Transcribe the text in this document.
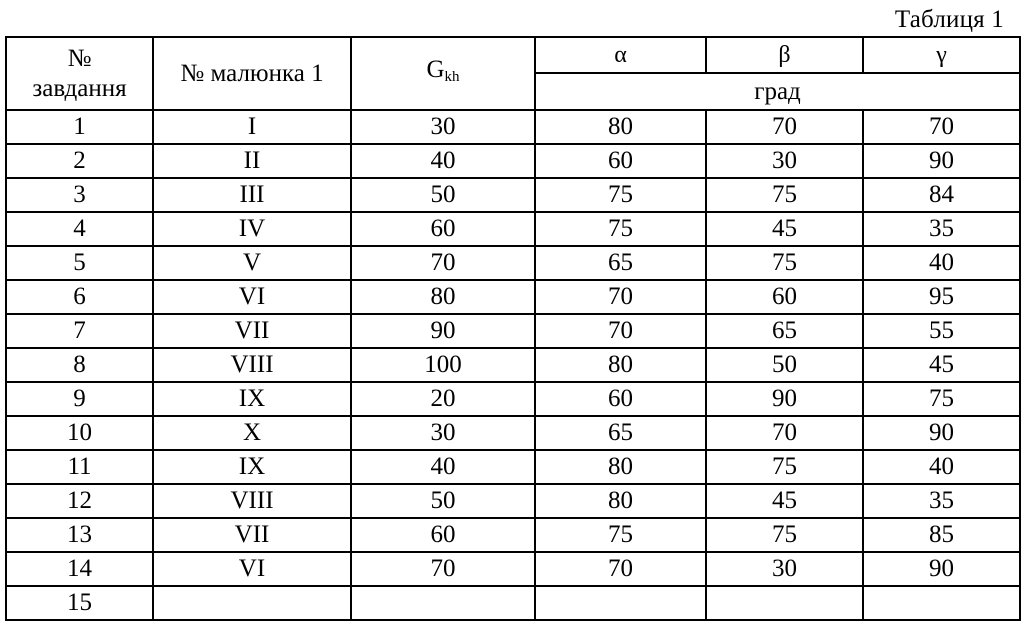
Таблиця 1
№
завдання	№ малюнка 1	$G_{kh}$	α	β	γ
			град		
1	I	30	80	70	70
2	II	40	60	30	90
3	III	50	75	75	84
4	IV	60	75	45	35
5	V	70	65	75	40
6	VI	80	70	60	95
7	VII	90	70	65	55
8	VIII	100	80	50	45
9	IX	20	60	90	75
10	X	30	65	70	90
11	IX	40	80	75	40
12	VIII	50	80	45	35
13	VII	60	75	75	85
14	VI	70	70	30	90
15					
